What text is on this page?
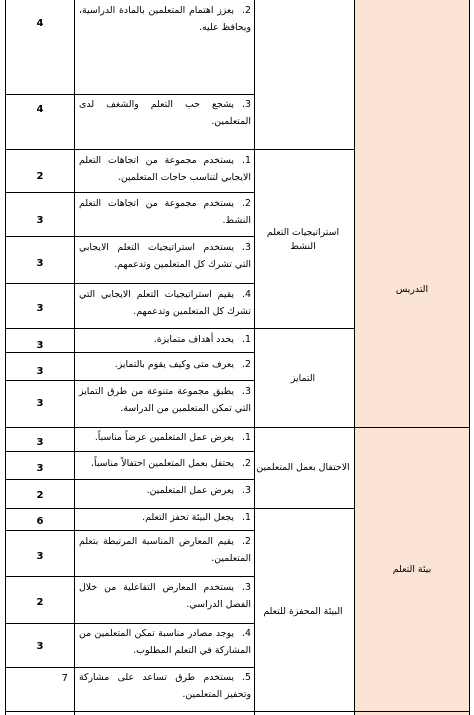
التدريس
بيئة التعلم
استراتيجيات التعلم النشط
التمايز
الاحتفال بعمل المتعلمين
البيئة المحفزة للتعلم
4
4
2
3
3
3
3
3
3
3
3
2
6
3
2
3
7
2.يعزز اهتمام المتعلمين بالمادة الدراسية، ويحافظ عليه.
3.يشجع حب التعلم والشغف لدى المتعلمين.
1.يستخدم مجموعة من اتجاهات التعلم الايجابي لتناسب حاجات المتعلمين.
2.يستخدم مجموعة من اتجاهات التعلم النشط.
3.يستخدم استراتيجيات التعلم الايجابي التي تشرك كل المتعلمين وتدعمهم.
4.يقيم استراتيجيات التعلم الايجابي التي تشرك كل المتعلمين وتدعمهم.
1.يحدد أهداف متمايزة.
2.يعرف متى وكيف يقوم بالتمايز.
3.يطبق مجموعة متنوعة من طرق التمايز التي تمكن المتعلمين من الدراسة.
1.يعرض عمل المتعلمين عرضاً مناسباً.
2.يحتفل بعمل المتعلمين احتفالاً مناسباً.
3.يعرض عمل المتعلمين.
1.يجعل البيئة تحفز التعلم.
2.يقيم المعارض المناسبة المرتبطة بتعلم المتعلمين.
3.يستخدم المعارض التفاعلية من خلال الفصل الدراسي.
4.يوجد مصادر مناسبة تمكن المتعلمين من المشاركة في التعلم المطلوب.
5.يستخدم طرق تساعد على مشاركة وتحفيز المتعلمين.
